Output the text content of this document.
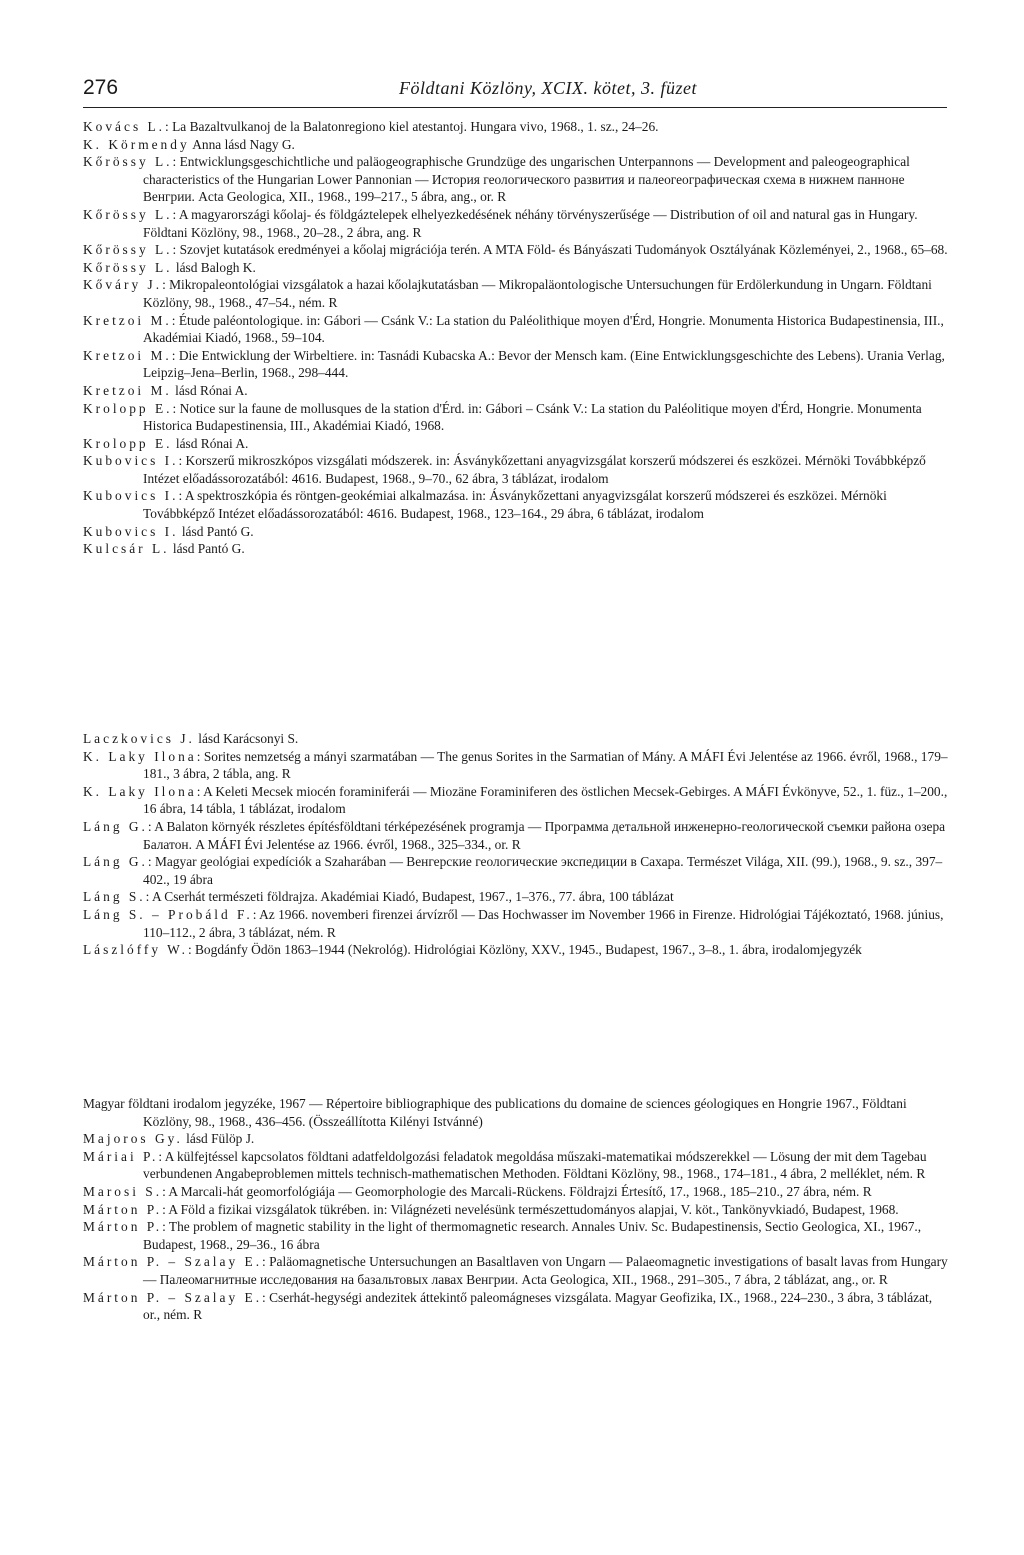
276	Földtani Közlöny, XCIX. kötet, 3. füzet

Kovács L.: La Bazaltvulkanoj de la Balatonregiono kiel atestantoj. Hungara vivo, 1968., 1. sz., 24–26.

K. Körmendy Anna lásd Nagy G.

Kőrössy L.: Entwicklungsgeschichtliche und paläogeographische Grundzüge des ungarischen Unterpannons — Development and paleogeographical characteristics of the Hungarian Lower Pannonian — История геологического развития и палеогеографическая схема в нижнем панноне Венгрии. Acta Geologica, XII., 1968., 199–217., 5 ábra, ang., or. R

Kőrössy L.: A magyarországi kőolaj- és földgáztelepek elhelyezkedésének néhány törvényszerűsége — Distribution of oil and natural gas in Hungary. Földtani Közlöny, 98., 1968., 20–28., 2 ábra, ang. R

Kőrössy L.: Szovjet kutatások eredményei a kőolaj migrációja terén. A MTA Föld- és Bányászati Tudományok Osztályának Közleményei, 2., 1968., 65–68.

Kőrössy L. lásd Balogh K.

Kőváry J.: Mikropaleontológiai vizsgálatok a hazai kőolajkutatásban — Mikropaläontologische Untersuchungen für Erdölerkundung in Ungarn. Földtani Közlöny, 98., 1968., 47–54., ném. R

Kretzoi M.: Étude paléontologique. in: Gábori — Csánk V.: La station du Paléolithique moyen d'Érd, Hongrie. Monumenta Historica Budapestinensia, III., Akadémiai Kiadó, 1968., 59–104.

Kretzoi M.: Die Entwicklung der Wirbeltiere. in: Tasnádi Kubacska A.: Bevor der Mensch kam. (Eine Entwicklungsgeschichte des Lebens). Urania Verlag, Leipzig–Jena–Berlin, 1968., 298–444.

Kretzoi M. lásd Rónai A.

Krolopp E.: Notice sur la faune de mollusques de la station d'Érd. in: Gábori – Csánk V.: La station du Paléolitique moyen d'Érd, Hongrie. Monumenta Historica Budapestinensia, III., Akadémiai Kiadó, 1968.

Krolopp E. lásd Rónai A.

Kubovics I.: Korszerű mikroszkópos vizsgálati módszerek. in: Ásványkőzettani anyagvizsgálat korszerű módszerei és eszközei. Mérnöki Továbbképző Intézet előadássorozatából: 4616. Budapest, 1968., 9–70., 62 ábra, 3 táblázat, irodalom

Kubovics I.: A spektroszkópia és röntgen-geokémiai alkalmazása. in: Ásványkőzettani anyagvizsgálat korszerű módszerei és eszközei. Mérnöki Továbbképző Intézet előadássorozatából: 4616. Budapest, 1968., 123–164., 29 ábra, 6 táblázat, irodalom

Kubovics I. lásd Pantó G.

Kulcsár L. lásd Pantó G.

Laczkovics J. lásd Karácsonyi S.

K. Laky Ilona: Sorites nemzetség a mányi szarmatában — The genus Sorites in the Sarmatian of Mány. A MÁFI Évi Jelentése az 1966. évről, 1968., 179–181., 3 ábra, 2 tábla, ang. R

K. Laky Ilona: A Keleti Mecsek miocén foraminiferái — Miozäne Foraminiferen des östlichen Mecsek-Gebirges. A MÁFI Évkönyve, 52., 1. füz., 1–200., 16 ábra, 14 tábla, 1 táblázat, irodalom

Láng G.: A Balaton környék részletes építésföldtani térképezésének programja — Программа детальной инженерно-геологической съемки района озера Балатон. A MÁFI Évi Jelentése az 1966. évről, 1968., 325–334., or. R

Láng G.: Magyar geológiai expedíciók a Szaharában — Венгерские геологические экспедиции в Сахара. Természet Világa, XII. (99.), 1968., 9. sz., 397–402., 19 ábra

Láng S.: A Cserhát természeti földrajza. Akadémiai Kiadó, Budapest, 1967., 1–376., 77. ábra, 100 táblázat

Láng S. – Probáld F.: Az 1966. novemberi firenzei árvízről — Das Hochwasser im November 1966 in Firenze. Hidrológiai Tájékoztató, 1968. június, 110–112., 2 ábra, 3 táblázat, ném. R

Lászlóffy W.: Bogdánfy Ödön 1863–1944 (Nekrológ). Hidrológiai Közlöny, XXV., 1945., Budapest, 1967., 3–8., 1. ábra, irodalomjegyzék

Magyar földtani irodalom jegyzéke, 1967 — Répertoire bibliographique des publications du domaine de sciences géologiques en Hongrie 1967., Földtani Közlöny, 98., 1968., 436–456. (Összeállította Kilényi Istvánné)

Majoros Gy. lásd Fülöp J.

Máriai P.: A külfejtéssel kapcsolatos földtani adatfeldolgozási feladatok megoldása műszaki-matematikai módszerekkel — Lösung der mit dem Tagebau verbundenen Angabeproblemen mittels technisch-mathematischen Methoden. Földtani Közlöny, 98., 1968., 174–181., 4 ábra, 2 melléklet, ném. R

Marosi S.: A Marcali-hát geomorfológiája — Geomorphologie des Marcali-Rückens. Földrajzi Értesítő, 17., 1968., 185–210., 27 ábra, ném. R

Márton P.: A Föld a fizikai vizsgálatok tükrében. in: Világnézeti nevelésünk természettudományos alapjai, V. köt., Tankönyvkiadó, Budapest, 1968.

Márton P.: The problem of magnetic stability in the light of thermomagnetic research. Annales Univ. Sc. Budapestinensis, Sectio Geologica, XI., 1967., Budapest, 1968., 29–36., 16 ábra

Márton P. – Szalay E.: Paläomagnetische Untersuchungen an Basaltlaven von Ungarn — Palaeomagnetic investigations of basalt lavas from Hungary — Палеомагнитные исследования на базальтовых лавах Венгрии. Acta Geologica, XII., 1968., 291–305., 7 ábra, 2 táblázat, ang., or. R

Márton P. – Szalay E.: Cserhát-hegységi andezitek áttekintő paleomágneses vizsgálata. Magyar Geofizika, IX., 1968., 224–230., 3 ábra, 3 táblázat, or., ném. R
